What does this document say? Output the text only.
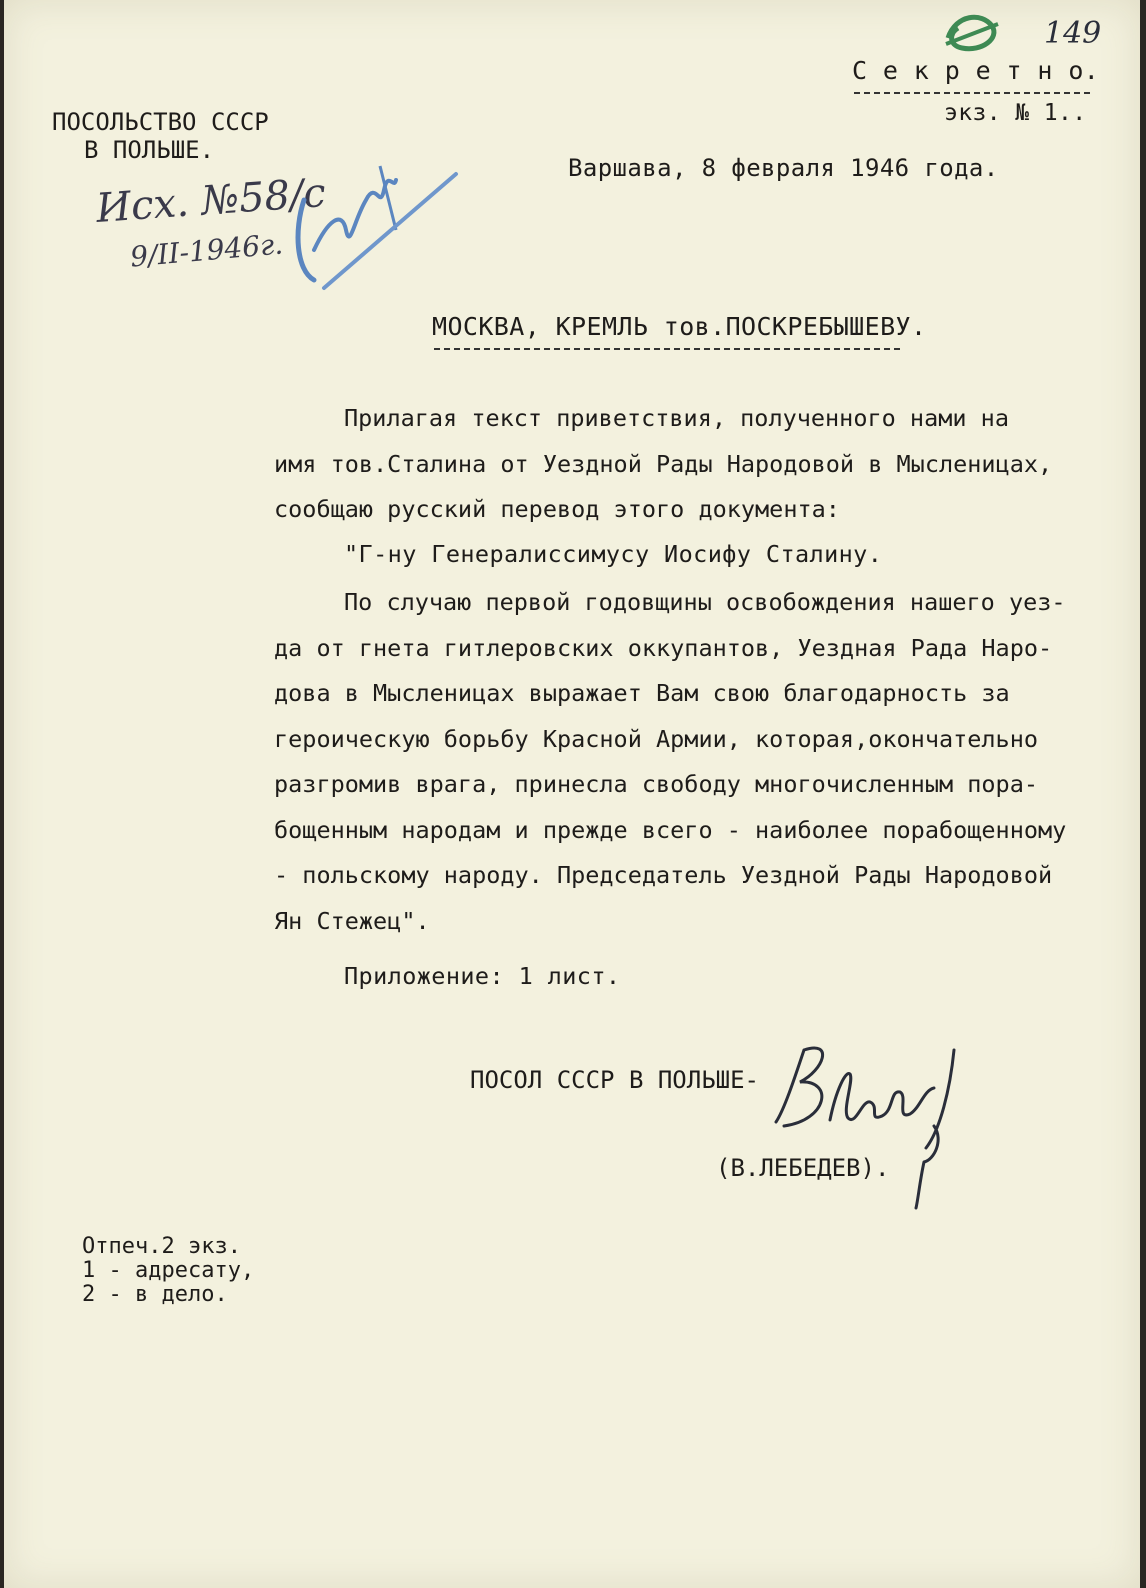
149
С е к р е т н о.
экз. № 1..
ПОСОЛЬСТВО СССР
В ПОЛЬШЕ.
Исх. №58/с
9/II-1946г.
Варшава, 8 февраля 1946 года.
МОСКВА, КРЕМЛЬ тов.ПОСКРЕБЫШЕВУ.
Прилагая текст приветствия, полученного нами на
имя тов.Сталина от Уездной Рады Народовой в Мысленицах,
сообщаю русский перевод этого документа:
"Г-ну Генералиссимусу Иосифу Сталину.
По случаю первой годовщины освобождения нашего уез-
да от гнета гитлеровских оккупантов, Уездная Рада Наро-
дова в Мысленицах выражает Вам свою благодарность за
героическую борьбу Красной Армии, которая,окончательно
разгромив врага, принесла свободу многочисленным пора-
бощенным народам и прежде всего - наиболее порабощенному
- польскому народу. Председатель Уездной Рады Народовой
Ян Стежец".
Приложение: 1 лист.
ПОСОЛ СССР В ПОЛЬШЕ-
(В.ЛЕБЕДЕВ).
Отпеч.2 экз.
1 - адресату,
2 - в дело.
